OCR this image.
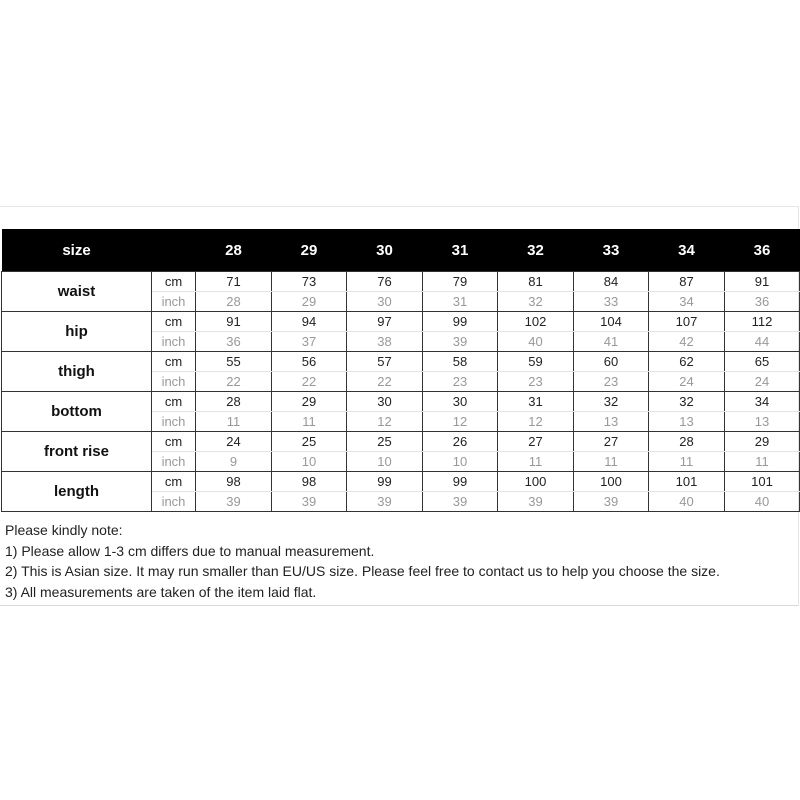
size		28	29	30	31	32	33	34	36
waist	cm	71	73	76	79	81	84	87	91
	inch	28	29	30	31	32	33	34	36
hip	cm	91	94	97	99	102	104	107	112
	inch	36	37	38	39	40	41	42	44
thigh	cm	55	56	57	58	59	60	62	65
	inch	22	22	22	23	23	23	24	24
bottom	cm	28	29	30	30	31	32	32	34
	inch	11	11	12	12	12	13	13	13
front rise	cm	24	25	25	26	27	27	28	29
	inch	9	10	10	10	11	11	11	11
length	cm	98	98	99	99	100	100	101	101
	inch	39	39	39	39	39	39	40	40
Please kindly note:
1) Please allow 1-3 cm differs due to manual measurement.
2) This is Asian size. It may run smaller than EU/US size. Please feel free to contact us to help you choose the size.
3) All measurements are taken of the item laid flat.
